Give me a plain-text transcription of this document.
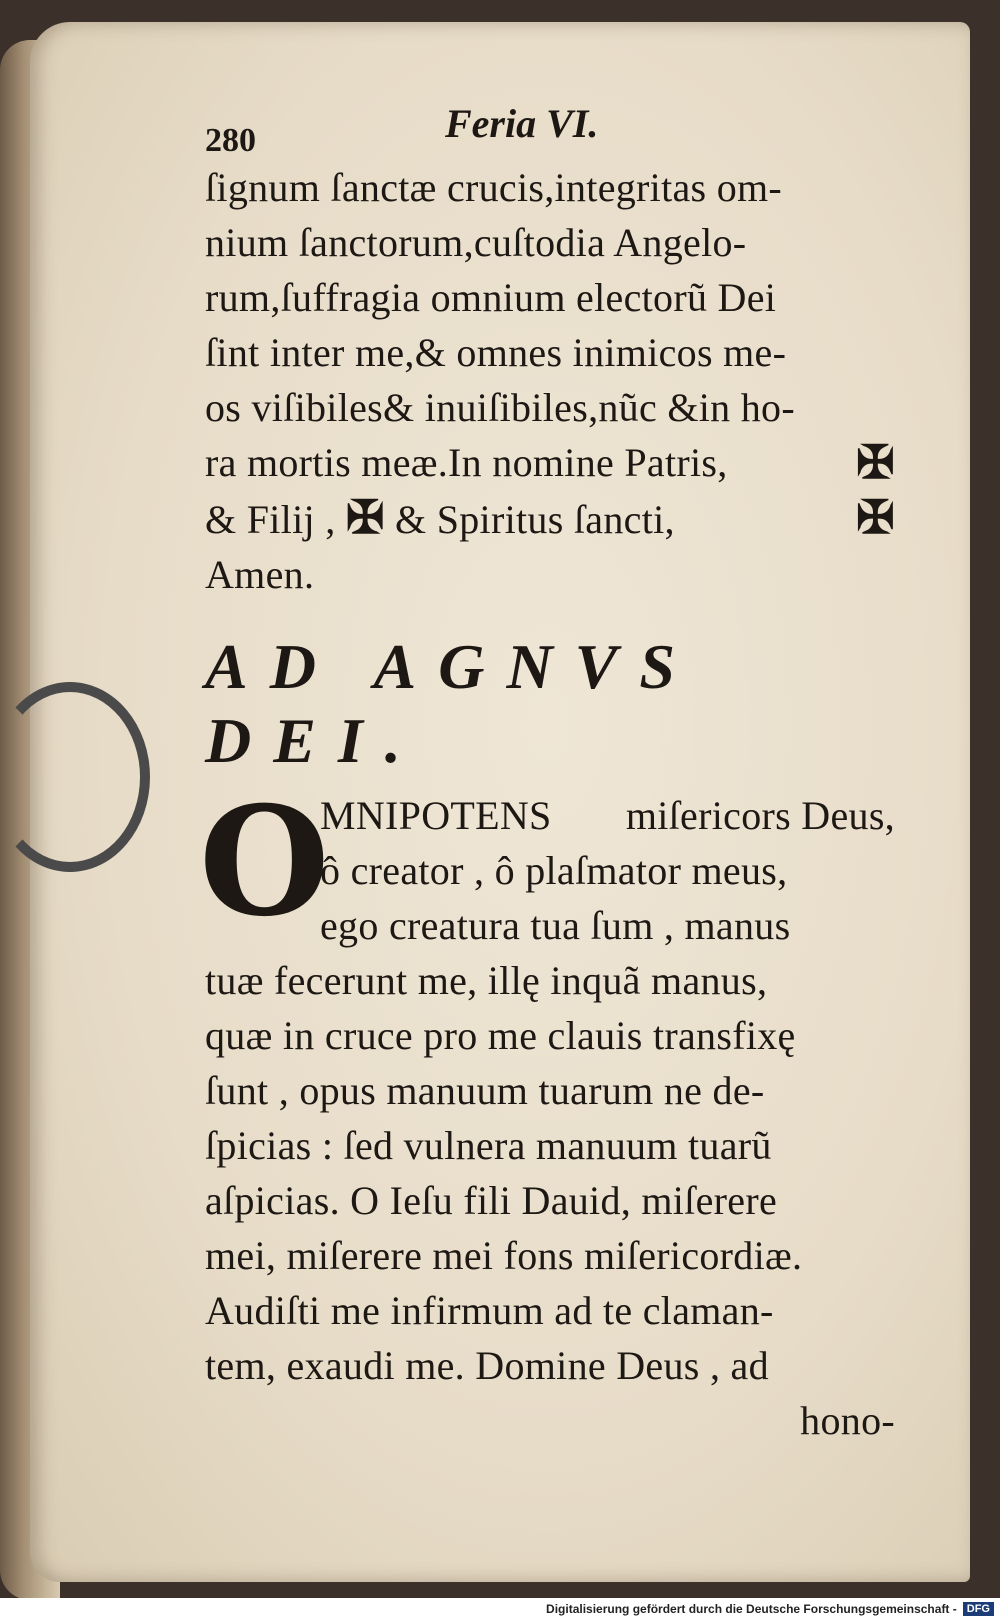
280	Feria VI.
ſignum ſanctæ crucis,integritas om-
nium ſanctorum,cuſtodia Angelo-
rum,ſuffragia omnium electorũ Dei
ſint inter me,& omnes inimicos me-
os viſibiles& inuiſibiles,nũc &in ho-
ra mortis meæ.In nomine Patris,	✠
& Filij , ✠ & Spiritus ſancti,	✠
Amen.
AD AGNVS DEI.
O
MNIPOTENS miſericors Deus,
ô creator , ô plaſmator meus,
ego creatura tua ſum , manus
tuæ fecerunt me, illę inquã manus,
quæ in cruce pro me clauis transfixę
ſunt , opus manuum tuarum ne de-
ſpicias : ſed vulnera manuum tuarũ
aſpicias. O Ieſu fili Dauid, miſerere
mei, miſerere mei fons miſericordiæ.
Audiſti me infirmum ad te claman-
tem, exaudi me. Domine Deus , ad
hono-
Digitalisierung gefördert durch die Deutsche Forschungsgemeinschaft - DFG
